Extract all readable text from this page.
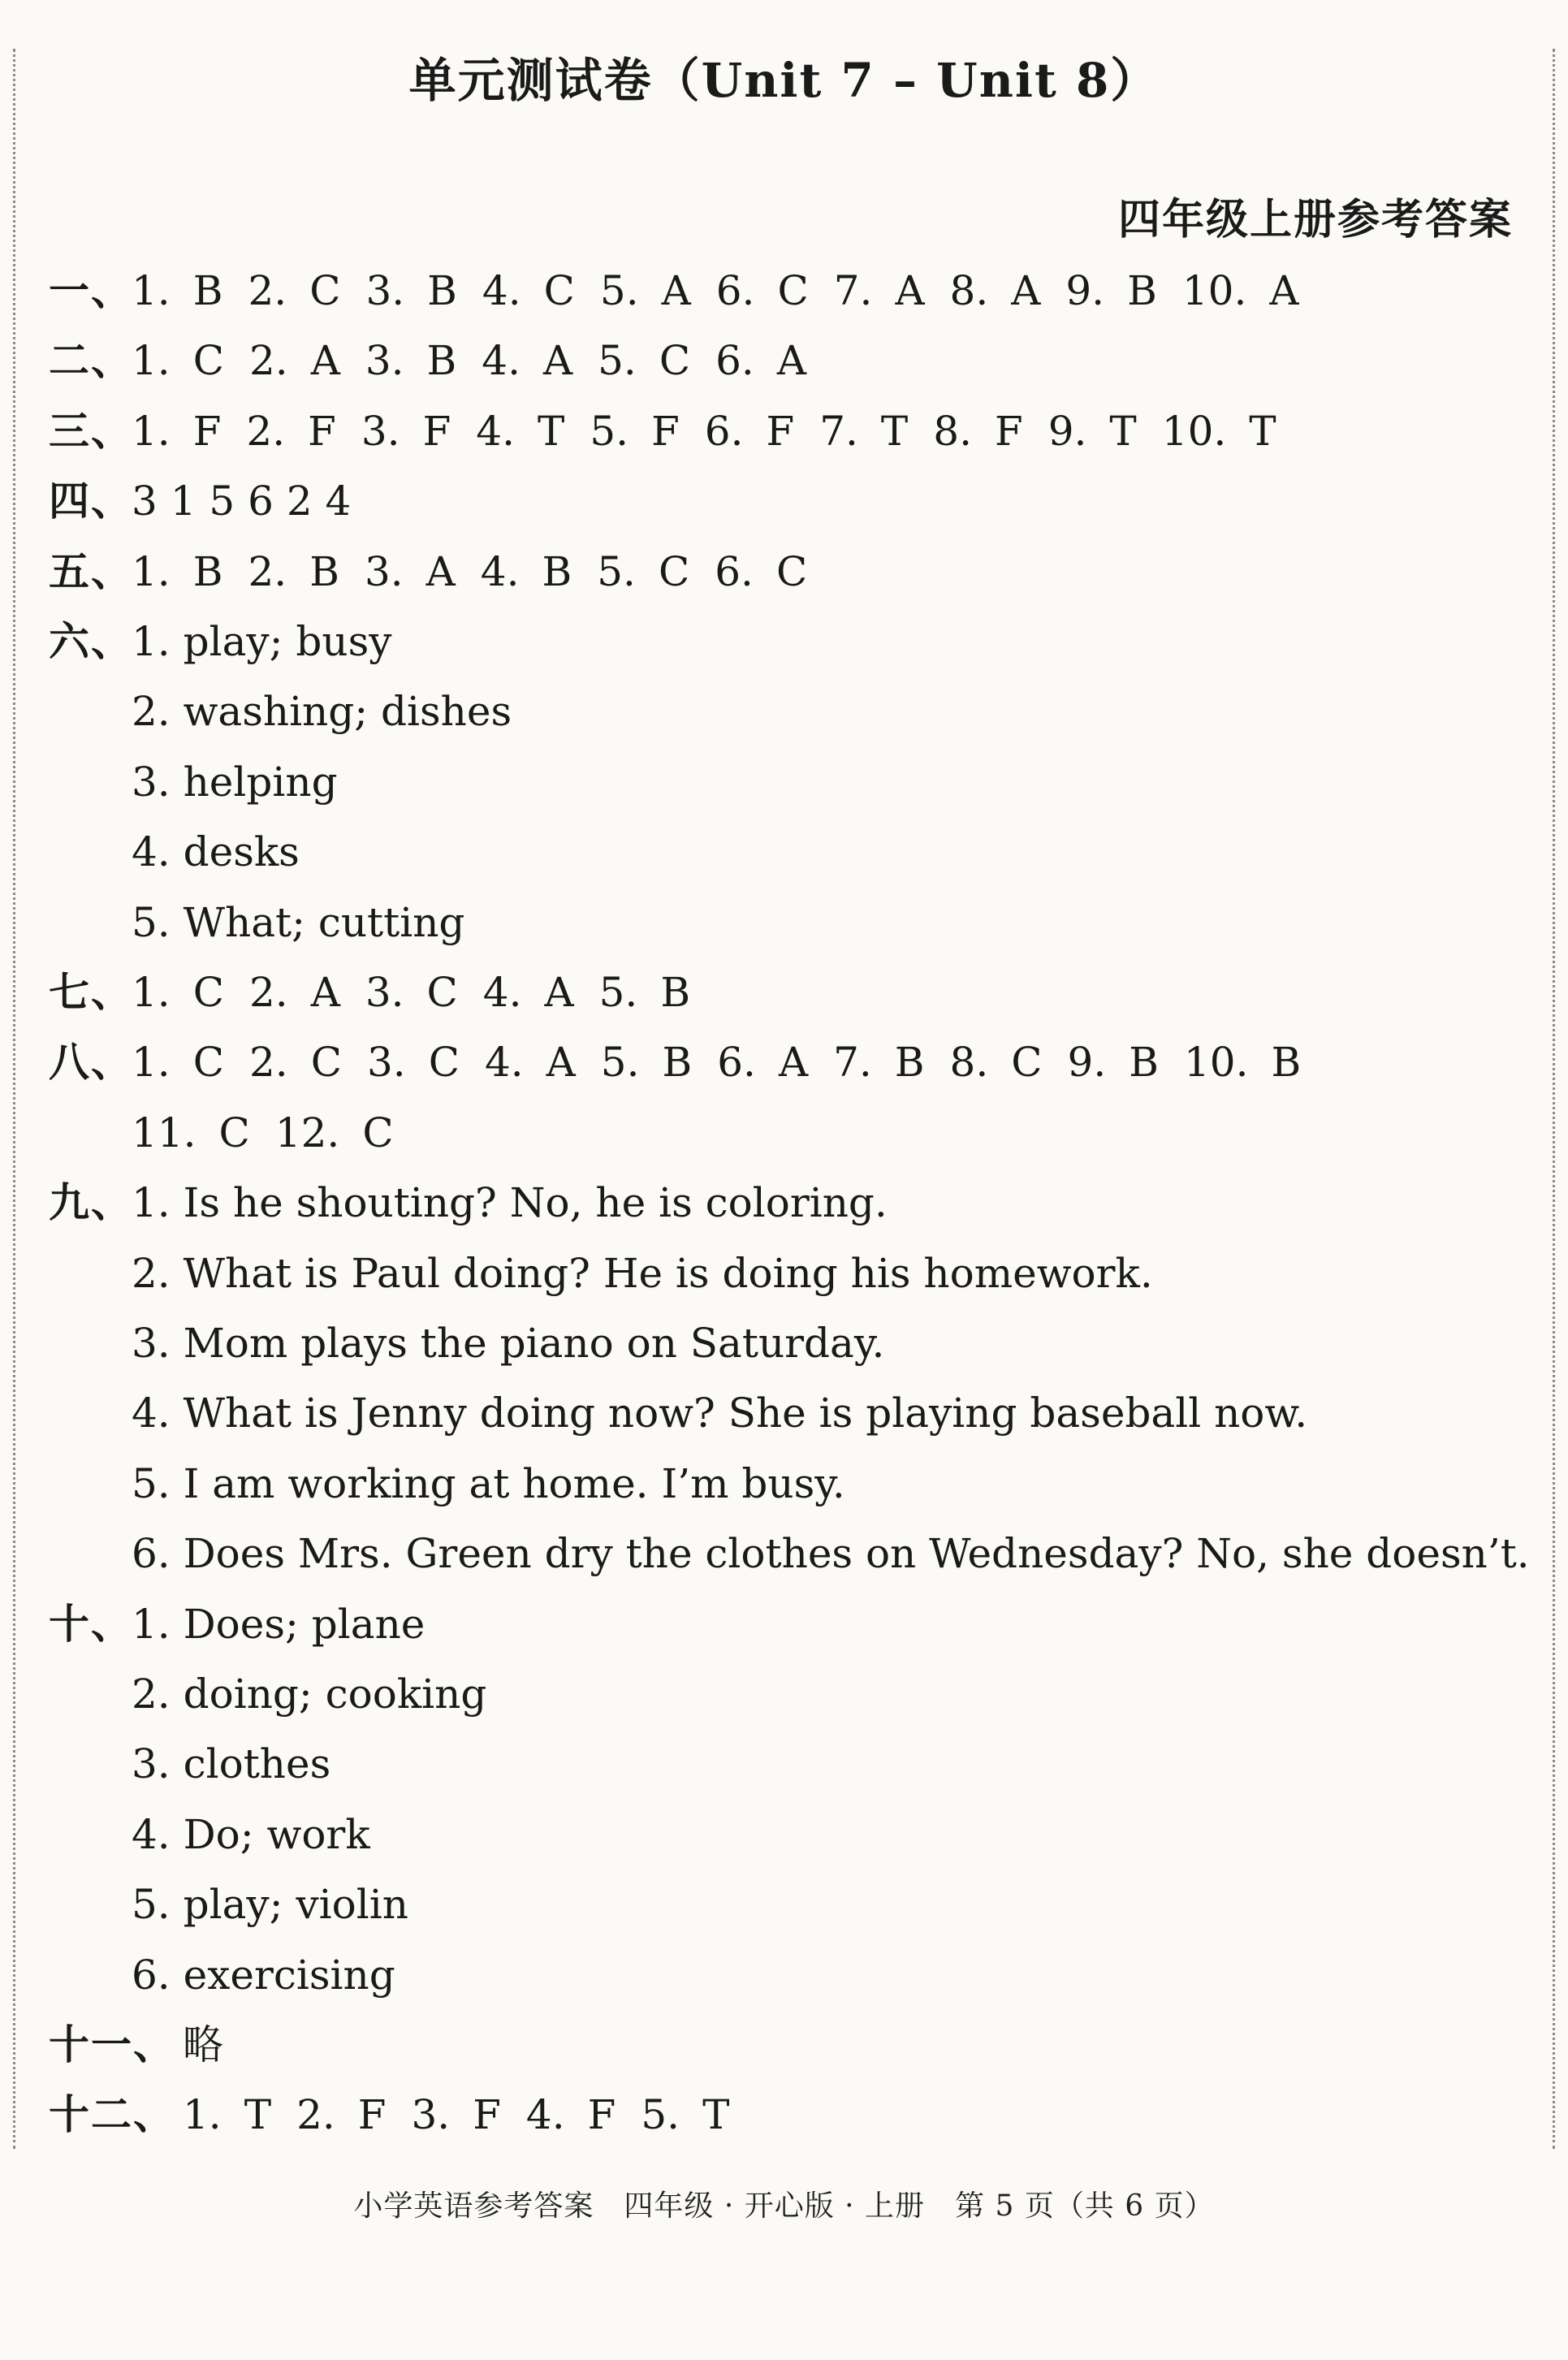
单元测试卷（Unit 7 – Unit 8）
四年级上册参考答案
一、1. B 2. C 3. B 4. C 5. A 6. C 7. A 8. A 9. B 10. A
二、1. C 2. A 3. B 4. A 5. C 6. A
三、1. F 2. F 3. F 4. T 5. F 6. F 7. T 8. F 9. T 10. T
四、3 1 5 6 2 4
五、1. B 2. B 3. A 4. B 5. C 6. C
六、1. play; busy
2. washing; dishes
3. helping
4. desks
5. What; cutting
七、1. C 2. A 3. C 4. A 5. B
八、1. C 2. C 3. C 4. A 5. B 6. A 7. B 8. C 9. B 10. B
11. C 12. C
九、1. Is he shouting? No, he is coloring.
2. What is Paul doing? He is doing his homework.
3. Mom plays the piano on Saturday.
4. What is Jenny doing now? She is playing baseball now.
5. I am working at home. I’m busy.
6. Does Mrs. Green dry the clothes on Wednesday? No, she doesn’t.
十、1. Does; plane
2. doing; cooking
3. clothes
4. Do; work
5. play; violin
6. exercising
十一、 略
十二、 1. T 2. F 3. F 4. F 5. T
小学英语参考答案　四年级 · 开心版 · 上册　第 5 页（共 6 页）
